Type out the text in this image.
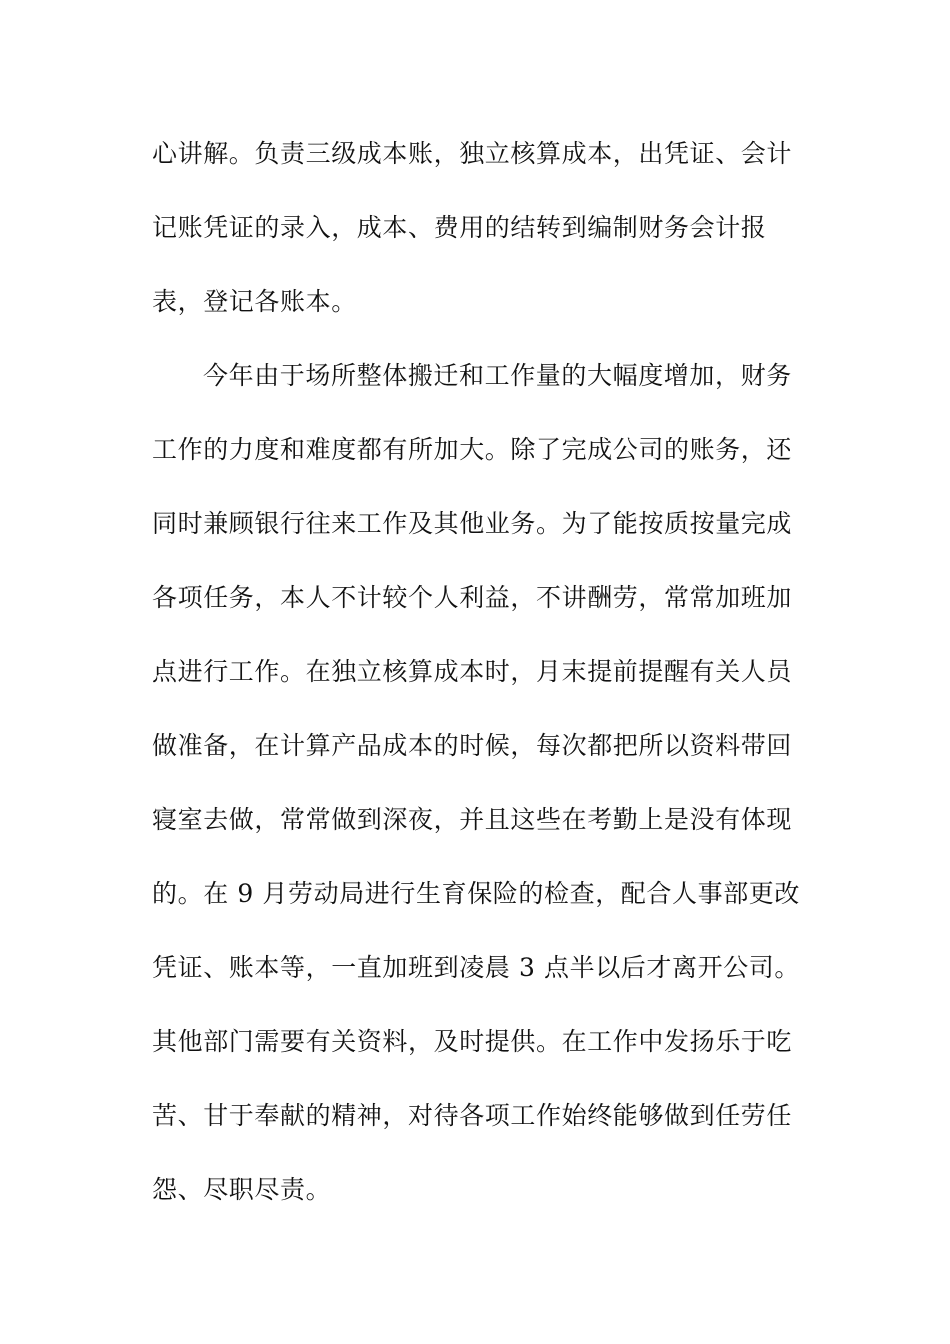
心讲解。负责三级成本账，独立核算成本，出凭证、会计
记账凭证的录入，成本、费用的结转到编制财务会计报
表，登记各账本。
今年由于场所整体搬迁和工作量的大幅度增加，财务
工作的力度和难度都有所加大。除了完成公司的账务，还
同时兼顾银行往来工作及其他业务。为了能按质按量完成
各项任务，本人不计较个人利益，不讲酬劳，常常加班加
点进行工作。在独立核算成本时，月末提前提醒有关人员
做准备，在计算产品成本的时候，每次都把所以资料带回
寝室去做，常常做到深夜，并且这些在考勤上是没有体现
的。在 9 月劳动局进行生育保险的检查，配合人事部更改
凭证、账本等，一直加班到凌晨 3 点半以后才离开公司。
其他部门需要有关资料，及时提供。在工作中发扬乐于吃
苦、甘于奉献的精神，对待各项工作始终能够做到任劳任
怨、尽职尽责。
